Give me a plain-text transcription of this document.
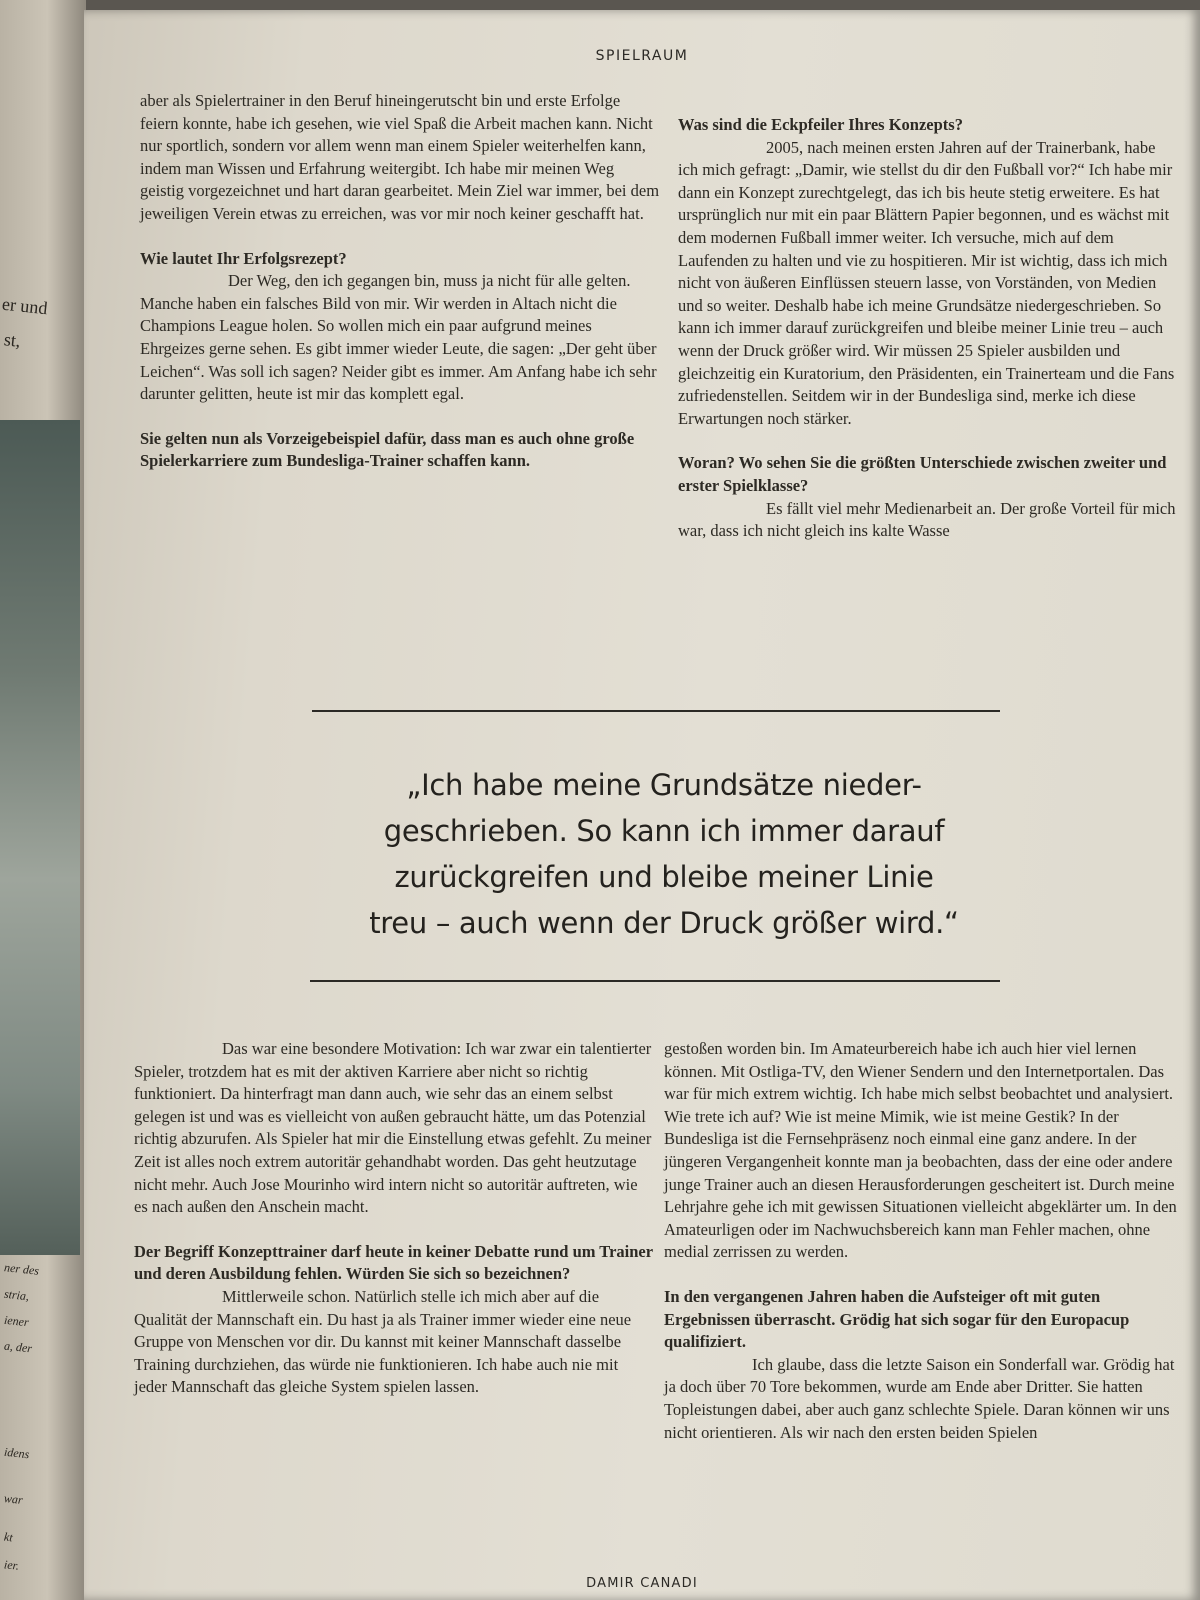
er und
st,
ner des
stria,
iener
a, der
idens
war
kt
ier.
SPIELRAUM

aber als Spielertrainer in den Beruf hineingerutscht bin und erste Erfolge feiern konnte, habe ich gesehen, wie viel Spaß die Arbeit machen kann. Nicht nur sportlich, sondern vor allem wenn man einem Spieler weiterhelfen kann, indem man Wissen und Erfahrung weitergibt. Ich habe mir meinen Weg geistig vorgezeichnet und hart daran gearbeitet. Mein Ziel war immer, bei dem jeweiligen Verein etwas zu erreichen, was vor mir noch keiner geschafft hat.

Wie lautet Ihr Erfolgsrezept?

Der Weg, den ich gegangen bin, muss ja nicht für alle gelten. Manche haben ein falsches Bild von mir. Wir werden in Altach nicht die Champions League holen. So wollen mich ein paar aufgrund meines Ehrgeizes gerne sehen. Es gibt immer wieder Leute, die sagen: „Der geht über Leichen“. Was soll ich sagen? Neider gibt es immer. Am Anfang habe ich sehr darunter gelitten, heute ist mir das komplett egal.

Sie gelten nun als Vorzeigebeispiel dafür, dass man es auch ohne große Spielerkarriere zum Bundesliga-Trainer schaffen kann.

Was sind die Eckpfeiler Ihres Konzepts?

2005, nach meinen ersten Jahren auf der Trainerbank, habe ich mich gefragt: „Damir, wie stellst du dir den Fußball vor?“ Ich habe mir dann ein Konzept zurechtgelegt, das ich bis heute stetig erweitere. Es hat ursprünglich nur mit ein paar Blättern Papier begonnen, und es wächst mit dem modernen Fußball immer weiter. Ich versuche, mich auf dem Laufenden zu halten und vie zu hospitieren. Mir ist wichtig, dass ich mich nicht von äußeren Einflüssen steuern lasse, von Vorständen, von Medien und so weiter. Deshalb habe ich meine Grundsätze niedergeschrieben. So kann ich immer darauf zurückgreifen und bleibe meiner Linie treu – auch wenn der Druck größer wird. Wir müssen 25 Spieler ausbilden und gleichzeitig ein Kuratorium, den Präsidenten, ein Trainerteam und die Fans zufriedenstellen. Seitdem wir in der Bundesliga sind, merke ich diese Erwartungen noch stärker.

Woran? Wo sehen Sie die größten Unterschiede zwischen zweiter und erster Spielklasse?

Es fällt viel mehr Medienarbeit an. Der große Vorteil für mich war, dass ich nicht gleich ins kalte Wasse

„Ich habe meine Grundsätze nieder-

geschrieben. So kann ich immer darauf

zurückgreifen und bleibe meiner Linie

treu – auch wenn der Druck größer wird.“

Das war eine besondere Motivation: Ich war zwar ein talentierter Spieler, trotzdem hat es mit der aktiven Karriere aber nicht so richtig funktioniert. Da hinterfragt man dann auch, wie sehr das an einem selbst gelegen ist und was es vielleicht von außen gebraucht hätte, um das Potenzial richtig abzurufen. Als Spieler hat mir die Einstellung etwas gefehlt. Zu meiner Zeit ist alles noch extrem autoritär gehandhabt worden. Das geht heutzutage nicht mehr. Auch Jose Mourinho wird intern nicht so autoritär auftreten, wie es nach außen den Anschein macht.

Der Begriff Konzepttrainer darf heute in keiner Debatte rund um Trainer und deren Ausbildung fehlen. Würden Sie sich so bezeichnen?

Mittlerweile schon. Natürlich stelle ich mich aber auf die Qualität der Mannschaft ein. Du hast ja als Trainer immer wieder eine neue Gruppe von Menschen vor dir. Du kannst mit keiner Mannschaft dasselbe Training durchziehen, das würde nie funktionieren. Ich habe auch nie mit jeder Mannschaft das gleiche System spielen lassen.

gestoßen worden bin. Im Amateurbereich habe ich auch hier viel lernen können. Mit Ostliga-TV, den Wiener Sendern und den Internetportalen. Das war für mich extrem wichtig. Ich habe mich selbst beobachtet und analysiert. Wie trete ich auf? Wie ist meine Mimik, wie ist meine Gestik? In der Bundesliga ist die Fernsehpräsenz noch einmal eine ganz andere. In der jüngeren Vergangenheit konnte man ja beobachten, dass der eine oder andere junge Trainer auch an diesen Herausforderungen gescheitert ist. Durch meine Lehrjahre gehe ich mit gewissen Situationen vielleicht abgeklärter um. In den Amateurligen oder im Nachwuchsbereich kann man Fehler machen, ohne medial zerrissen zu werden.

In den vergangenen Jahren haben die Aufsteiger oft mit guten Ergebnissen überrascht. Grödig hat sich sogar für den Europacup qualifiziert.

Ich glaube, dass die letzte Saison ein Sonderfall war. Grödig hat ja doch über 70 Tore bekommen, wurde am Ende aber Dritter. Sie hatten Topleistungen dabei, aber auch ganz schlechte Spiele. Daran können wir uns nicht orientieren. Als wir nach den ersten beiden Spielen

DAMIR CANADI
